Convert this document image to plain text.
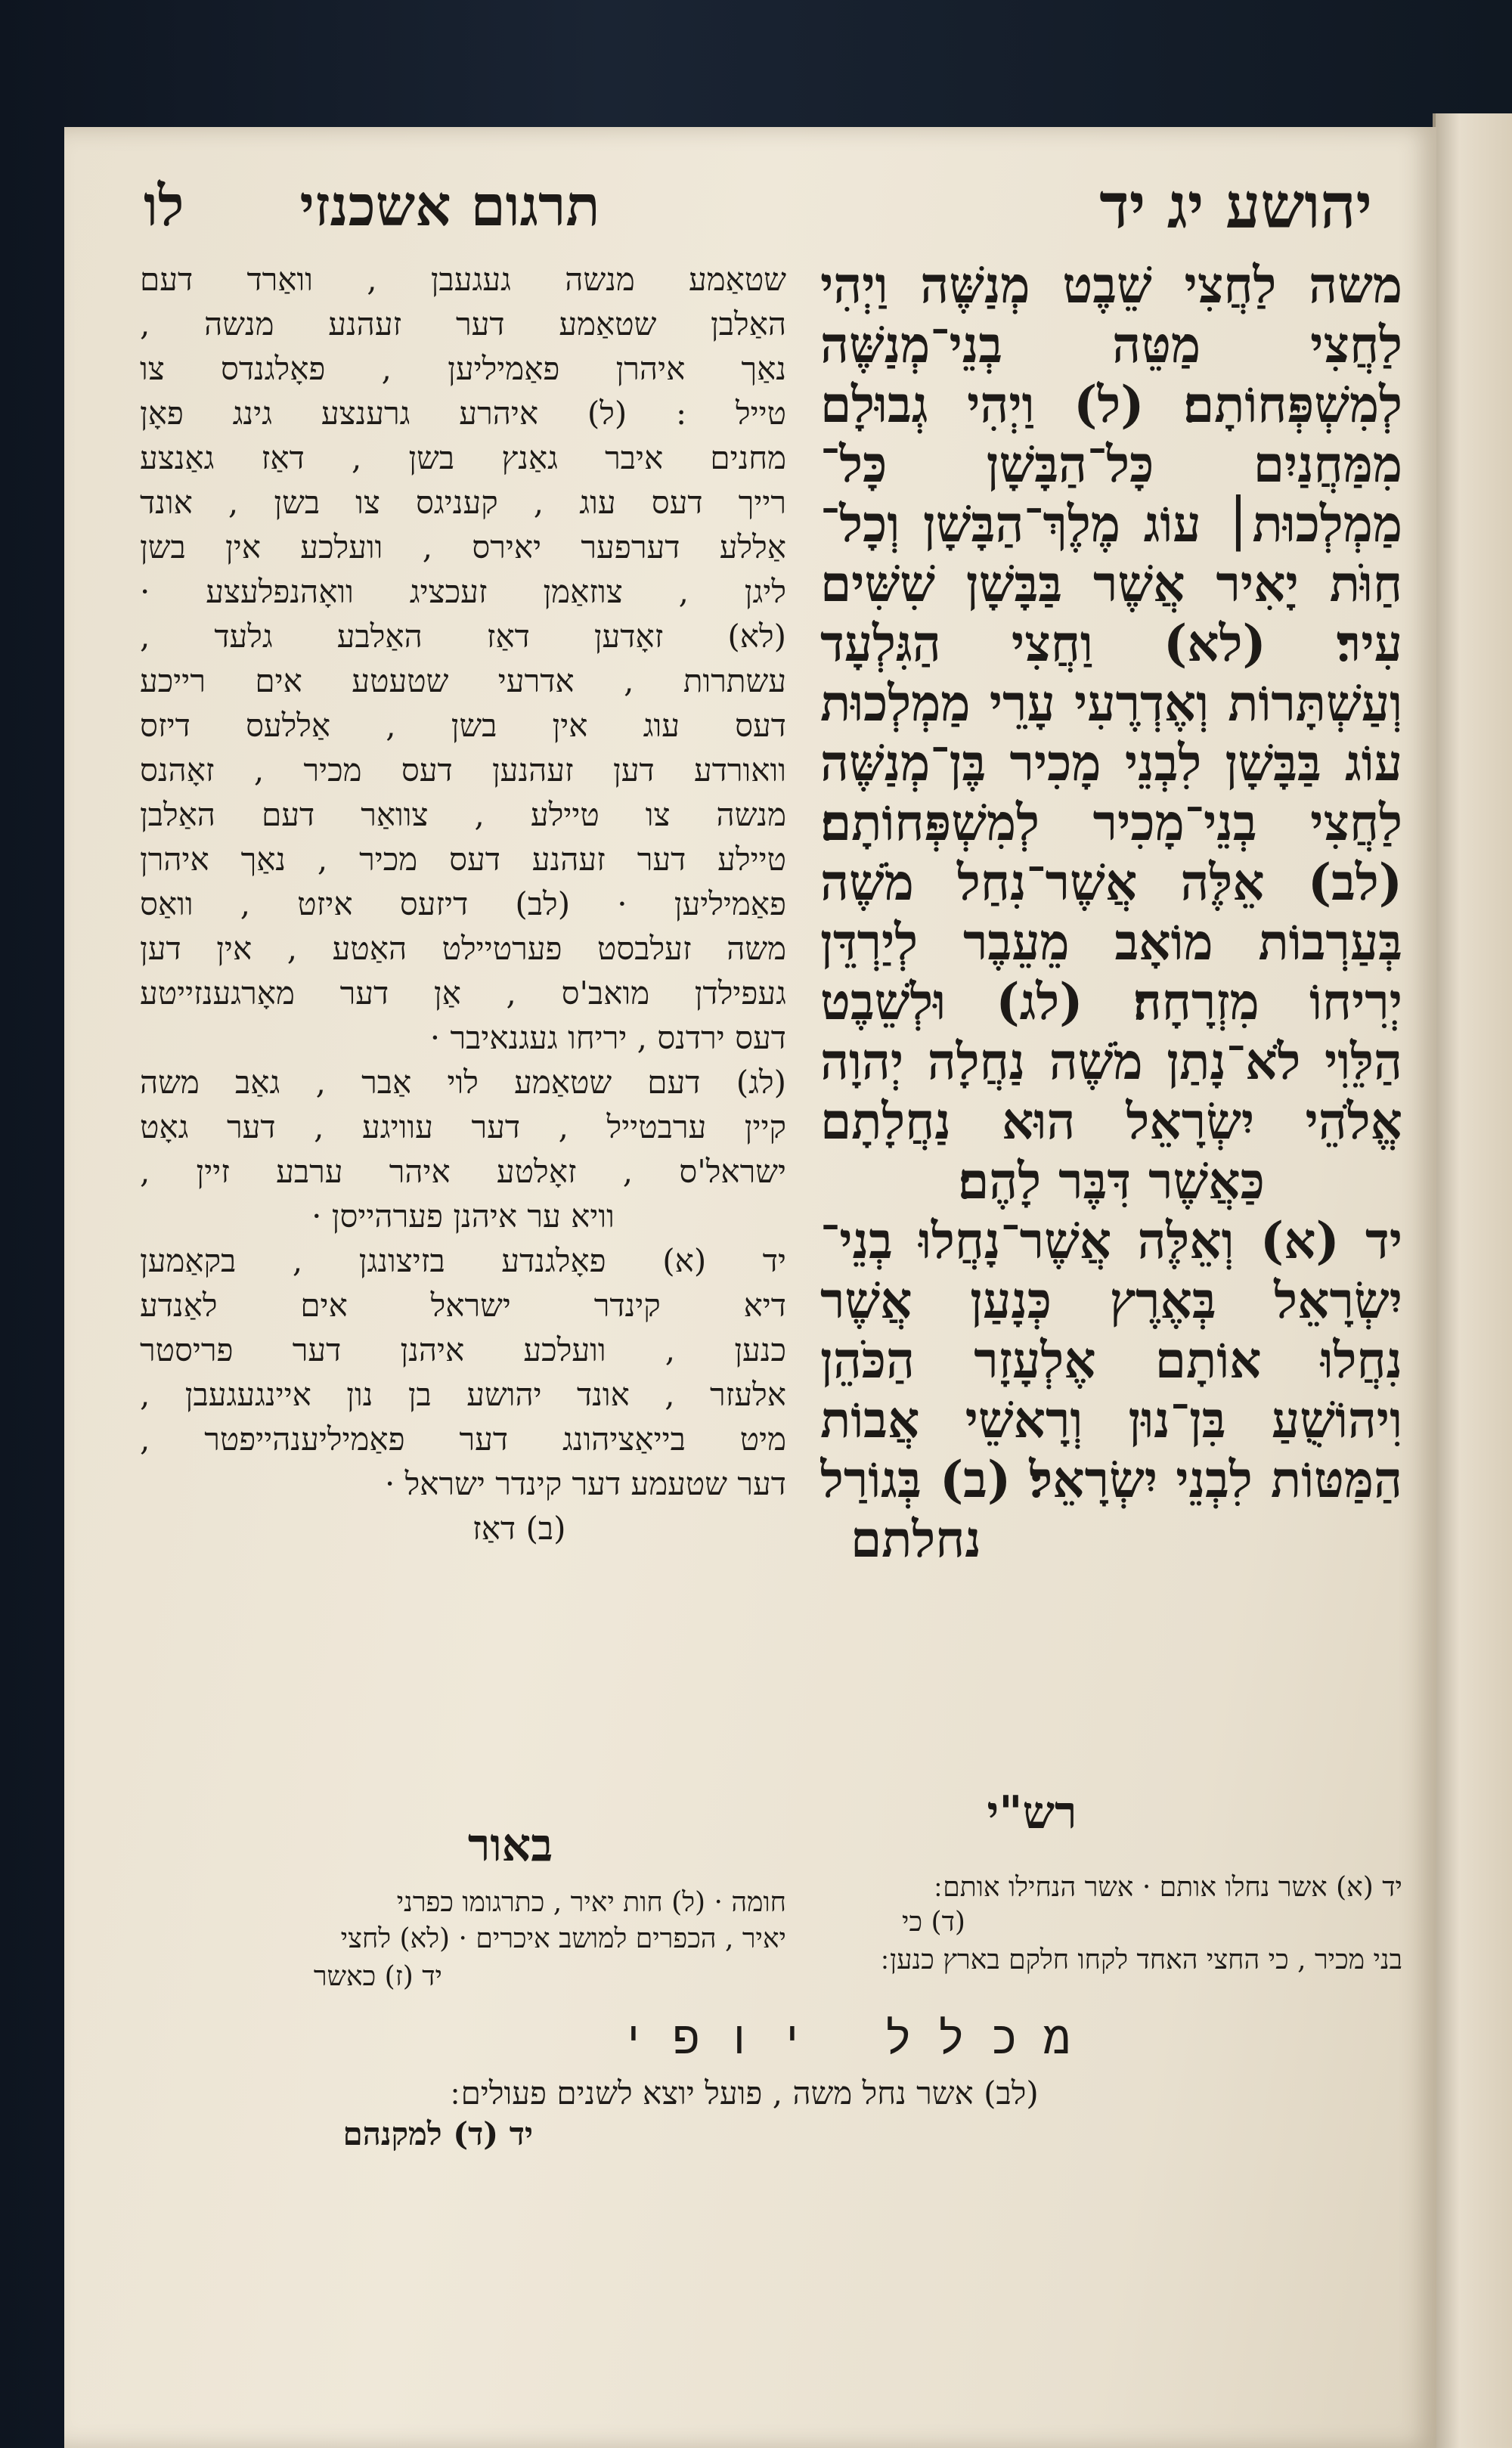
יהושע יג יד
תרגום אשכנזי
לו
משה לַחֲצִי שֵׁבֶט מְנַשֶּׁה וַיְהִי
לַחֲצִי מַטֵּה בְנֵי־מְנַשֶּׁה
לְמִשְׁפְּחוֹתָם׃ (ל) וַיְהִי גְבוּלָם
מִמַּחֲנַיִם כָּל־הַבָּשָׁן כָּל־
מַמְלְכוּת׀ עוֹג מֶלֶךְ־הַבָּשָׁן וְכָל־
חַוֹּת יָאִיר אֲשֶׁר בַּבָּשָׁן שִׁשִּׁים
עִיר׃ (לא) וַחֲצִי הַגִּלְעָד
וְעַשְׁתָּרוֹת וְאֶדְרֶעִי עָרֵי מַמְלְכוּת
עוֹג בַּבָּשָׁן לִבְנֵי מָכִיר בֶּן־מְנַשֶּׁה
לַחֲצִי בְנֵי־מָכִיר לְמִשְׁפְּחוֹתָם׃
(לב) אֵלֶּה אֲשֶׁר־נִחַל מֹשֶׁה
בְּעַרְבוֹת מוֹאָב מֵעֵבֶר לְיַרְדֵּן
יְרִיחוֹ מִזְרָחָה׃ (לג) וּלְשֵׁבֶט
הַלֵּוִי לֹא־נָתַן מֹשֶׁה נַחֲלָה יְהוָה
אֱלֹהֵי יִשְׂרָאֵל הוּא נַחֲלָתָם
כַּאֲשֶׁר דִּבֶּר לָהֶם׃
יד (א) וְאֵלֶּה אֲשֶׁר־נָחֲלוּ בְנֵי־
יִשְׂרָאֵל בְּאֶרֶץ כְּנָעַן אֲשֶׁר
נִחֲלוּ אוֹתָם אֶלְעָזָר הַכֹּהֵן
וִיהוֹשֻׁעַ בִּן־נוּן וְרָאשֵׁי אֲבוֹת
הַמַּטּוֹת לִבְנֵי יִשְׂרָאֵל׃ (ב) בְּגוֹרַל
נחלתם
שטאַמע מנשה געגעבן , וואַרד דעם
האַלבן שטאַמע דער זעהנע מנשה ,
נאַך איהרן פאַמיליען , פאָלגנדס צו
טייל : (ל) איהרע גרענצע גינג פאָן
מחנים איבר גאַנץ בשן , דאַז גאַנצע
רייך דעס עוג , קעניגס צו בשן , אונד
אַללע דערפער יאירס , וועלכע אין בשן
ליגן , צוזאַמן זעכציג וואָהנפלעצע ·
(לא) זאָדען דאַז האַלבע גלעד ,
עשתרות , אדרעי שטעטע אים רייכע
דעס עוג אין בשן , אַללעס דיזס
וואורדע דען זעהנען דעס מכיר , זאָהנס
מנשה צו טיילע , צוואַר דעם האַלבן
טיילע דער זעהנע דעס מכיר , נאַך איהרן
פאַמיליען · (לב) דיזעס איזט , וואַס
משה זעלבסט פערטיילט האַטע , אין דען
געפילדן מואב'ס , אַן דער מאָרגענזייטע
דעס ירדנס , יריחו געגנאיבר ·
(לג) דעם שטאַמע לוי אַבר , גאַב משה
קיין ערבטייל , דער עוויגע , דער גאָט
ישראל'ס , זאָלטע איהר ערבע זיין ,
וויא ער איהנן פערהייסן ·
יד (א) פאָלגנדע בזיצונגן , בקאַמען
דיא קינדר ישראל אים לאַנדע
כנען , וועלכע איהנן דער פריסטר
אלעזר , אונד יהושע בן נון איינגעגעבן ,
מיט בייאַציהונג דער פאַמיליענהייפטר ,
דער שטעמע דער קינדר ישראל ·
(ב) דאַז
רש"י
יד (א) אשר נחלו אותם · אשר הנחילו אותם ׃
(ד) כי
בני מכיר , כי החצי האחד לקחו חלקם בארץ כנען ׃
באור
חומה · (ל) חות יאיר , כתרגומו כפרני
יאיר , הכפרים למושב איכרים · (לא) לחצי
יד (ז) כאשר
מכלל יופי
(לב) אשר נחל משה , פועל יוצא לשנים פעולים ׃
יד (ד) למקנהם
